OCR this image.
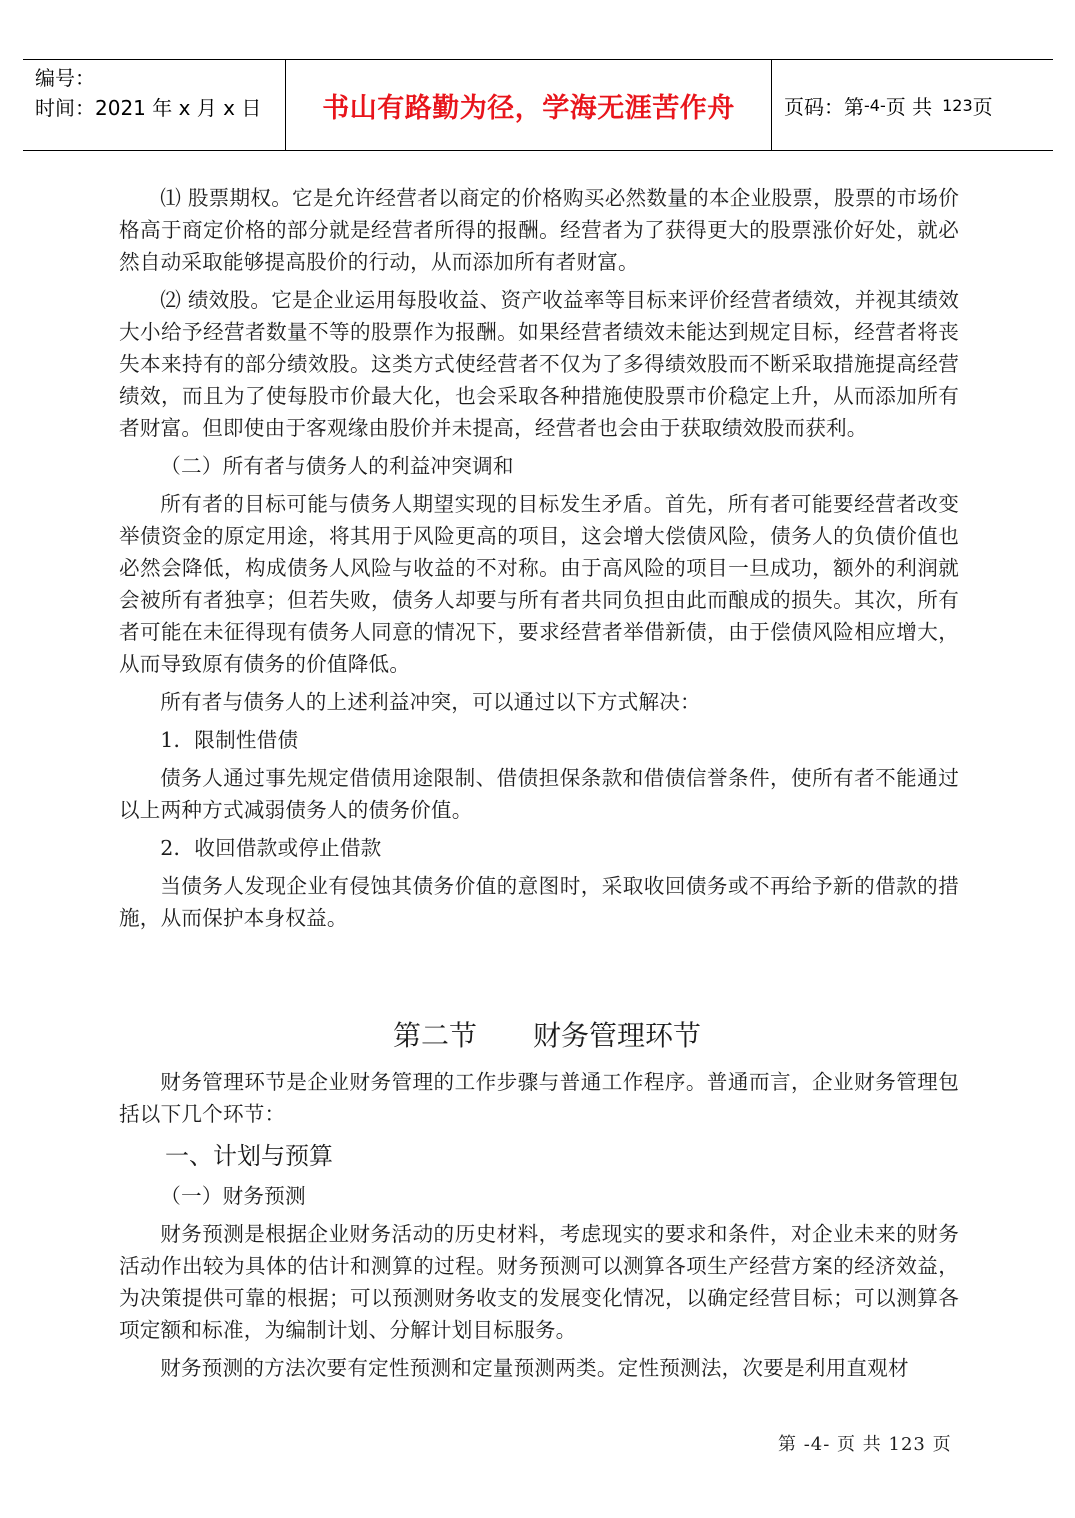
编号：
时间：2021 年 x 月 x 日	书山有路勤为径，学海无涯苦作舟 页码：第 -4- 页 共 123 页

⑴ 股票期权。它是允许经营者以商定的价格购买必然数量的本企业股票，股票的市场价格高于商定价格的部分就是经营者所得的报酬。经营者为了获得更大的股票涨价好处，就必然自动采取能够提高股价的行动，从而添加所有者财富。

⑵ 绩效股。它是企业运用每股收益、资产收益率等目标来评价经营者绩效，并视其绩效大小给予经营者数量不等的股票作为报酬。如果经营者绩效未能达到规定目标，经营者将丧失本来持有的部分绩效股。这类方式使经营者不仅为了多得绩效股而不断采取措施提高经营绩效，而且为了使每股市价最大化，也会采取各种措施使股票市价稳定上升，从而添加所有者财富。但即使由于客观缘由股价并未提高，经营者也会由于获取绩效股而获利。

（二）所有者与债务人的利益冲突调和

所有者的目标可能与债务人期望实现的目标发生矛盾。首先，所有者可能要经营者改变举债资金的原定用途，将其用于风险更高的项目，这会增大偿债风险，债务人的负债价值也必然会降低，构成债务人风险与收益的不对称。由于高风险的项目一旦成功，额外的利润就会被所有者独享；但若失败，债务人却要与所有者共同负担由此而酿成的损失。其次，所有者可能在未征得现有债务人同意的情况下，要求经营者举借新债，由于偿债风险相应增大，从而导致原有债务的价值降低。

所有者与债务人的上述利益冲突，可以通过以下方式解决：

1．限制性借债

债务人通过事先规定借债用途限制、借债担保条款和借债信誉条件，使所有者不能通过以上两种方式减弱债务人的债务价值。

2．收回借款或停止借款

当债务人发现企业有侵蚀其债务价值的意图时，采取收回债务或不再给予新的借款的措施，从而保护本身权益。

第二节 财务管理环节

财务管理环节是企业财务管理的工作步骤与普通工作程序。普通而言，企业财务管理包括以下几个环节：

一、计划与预算

（一）财务预测

财务预测是根据企业财务活动的历史材料，考虑现实的要求和条件，对企业未来的财务活动作出较为具体的估计和测算的过程。财务预测可以测算各项生产经营方案的经济效益，为决策提供可靠的根据；可以预测财务收支的发展变化情况，以确定经营目标；可以测算各项定额和标准，为编制计划、分解计划目标服务。

财务预测的方法次要有定性预测和定量预测两类。定性预测法，次要是利用直观材

第 -4- 页 共 123 页
